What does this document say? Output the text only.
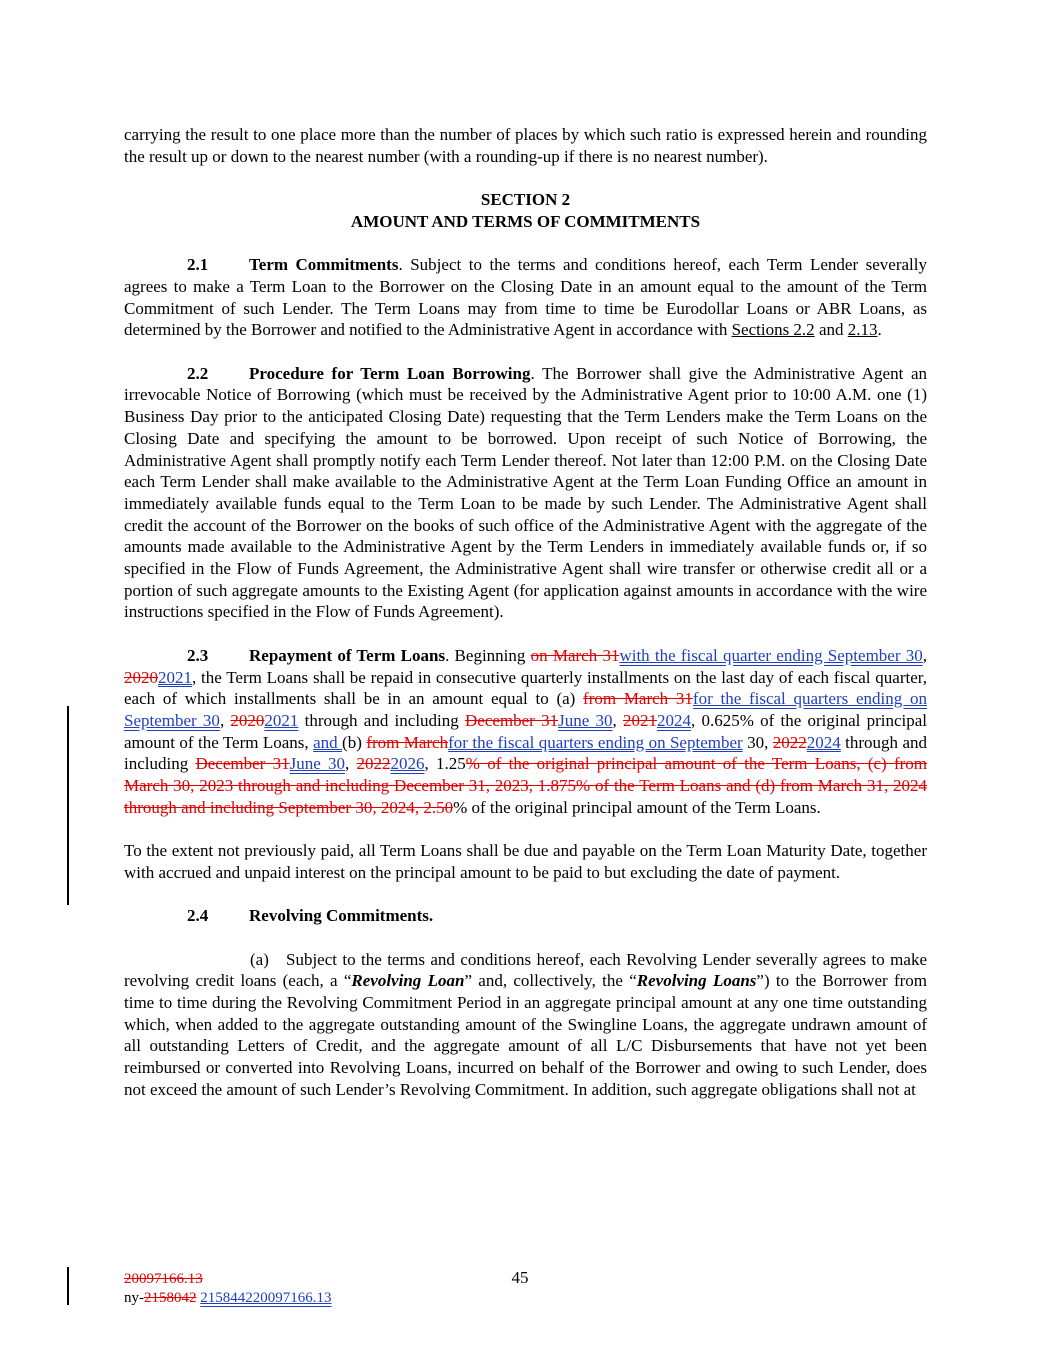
carrying the result to one place more than the number of places by which such ratio is expressed herein and rounding the result up or down to the nearest number (with a rounding-up if there is no nearest number).

SECTION 2

AMOUNT AND TERMS OF COMMITMENTS

2.1 Term Commitments. Subject to the terms and conditions hereof, each Term Lender severally agrees to make a Term Loan to the Borrower on the Closing Date in an amount equal to the amount of the Term Commitment of such Lender. The Term Loans may from time to time be Eurodollar Loans or ABR Loans, as determined by the Borrower and notified to the Administrative Agent in accordance with Sections 2.2 and 2.13.

2.2 Procedure for Term Loan Borrowing. The Borrower shall give the Administrative Agent an irrevocable Notice of Borrowing (which must be received by the Administrative Agent prior to 10:00 A.M. one (1) Business Day prior to the anticipated Closing Date) requesting that the Term Lenders make the Term Loans on the Closing Date and specifying the amount to be borrowed. Upon receipt of such Notice of Borrowing, the Administrative Agent shall promptly notify each Term Lender thereof. Not later than 12:00 P.M. on the Closing Date each Term Lender shall make available to the Administrative Agent at the Term Loan Funding Office an amount in immediately available funds equal to the Term Loan to be made by such Lender. The Administrative Agent shall credit the account of the Borrower on the books of such office of the Administrative Agent with the aggregate of the amounts made available to the Administrative Agent by the Term Lenders in immediately available funds or, if so specified in the Flow of Funds Agreement, the Administrative Agent shall wire transfer or otherwise credit all or a portion of such aggregate amounts to the Existing Agent (for application against amounts in accordance with the wire instructions specified in the Flow of Funds Agreement).

2.3 Repayment of Term Loans. Beginning on March 31with the fiscal quarter ending September 30, 20202021, the Term Loans shall be repaid in consecutive quarterly installments on the last day of each fiscal quarter, each of which installments shall be in an amount equal to (a) from March 31for the fiscal quarters ending on September 30, 20202021 through and including December 31June 30, 20212024, 0.625% of the original principal amount of the Term Loans, and (b) from Marchfor the fiscal quarters ending on September 30, 20222024 through and including December 31June 30, 20222026, 1.25% of the original principal amount of the Term Loans, (c) from March 30, 2023 through and including December 31, 2023, 1.875% of the Term Loans and (d) from March 31, 2024 through and including September 30, 2024, 2.50% of the original principal amount of the Term Loans.

To the extent not previously paid, all Term Loans shall be due and payable on the Term Loan Maturity Date, together with accrued and unpaid interest on the principal amount to be paid to but excluding the date of payment.

2.4 Revolving Commitments.

(a) Subject to the terms and conditions hereof, each Revolving Lender severally agrees to make revolving credit loans (each, a “Revolving Loan” and, collectively, the “Revolving Loans”) to the Borrower from time to time during the Revolving Commitment Period in an aggregate principal amount at any one time outstanding which, when added to the aggregate outstanding amount of the Swingline Loans, the aggregate undrawn amount of all outstanding Letters of Credit, and the aggregate amount of all L/C Disbursements that have not yet been reimbursed or converted into Revolving Loans, incurred on behalf of the Borrower and owing to such Lender, does not exceed the amount of such Lender’s Revolving Commitment. In addition, such aggregate obligations shall not at

45
20097166.13
ny-2158042 215844220097166.13
